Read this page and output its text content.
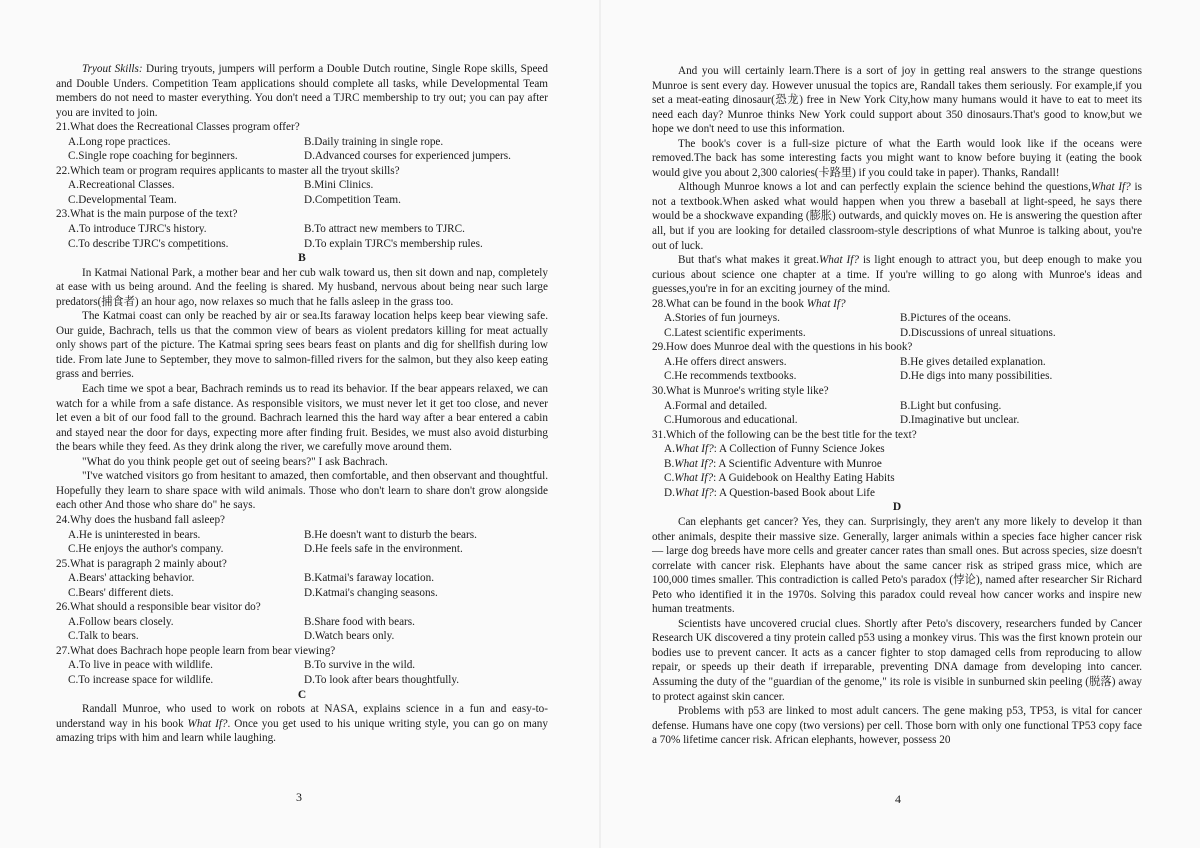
Tryout Skills: During tryouts, jumpers will perform a Double Dutch routine, Single Rope skills, Speed and Double Unders. Competition Team applications should complete all tasks, while Developmental Team members do not need to master everything. You don't need a TJRC membership to try out; you can pay after you are invited to join.

21.What does the Recreational Classes program offer?
A.Long rope practices.	B.Daily training in single rope.
C.Single rope coaching for beginners.	D.Advanced courses for experienced jumpers.
22.Which team or program requires applicants to master all the tryout skills?
A.Recreational Classes.	B.Mini Clinics.
C.Developmental Team.	D.Competition Team.
23.What is the main purpose of the text?
A.To introduce TJRC's history.	B.To attract new members to TJRC.
C.To describe TJRC's competitions.	D.To explain TJRC's membership rules.
B

In Katmai National Park, a mother bear and her cub walk toward us, then sit down and nap, completely at ease with us being around. And the feeling is shared. My husband, nervous about being near such large predators(捕食者) an hour ago, now relaxes so much that he falls asleep in the grass too.

The Katmai coast can only be reached by air or sea.Its faraway location helps keep bear viewing safe. Our guide, Bachrach, tells us that the common view of bears as violent predators killing for meat actually only shows part of the picture. The Katmai spring sees bears feast on plants and dig for shellfish during low tide. From late June to September, they move to salmon-filled rivers for the salmon, but they also keep eating grass and berries.

Each time we spot a bear, Bachrach reminds us to read its behavior. If the bear appears relaxed, we can watch for a while from a safe distance. As responsible visitors, we must never let it get too close, and never let even a bit of our food fall to the ground. Bachrach learned this the hard way after a bear entered a cabin and stayed near the door for days, expecting more after finding fruit. Besides, we must also avoid disturbing the bears while they feed. As they drink along the river, we carefully move around them.

"What do you think people get out of seeing bears?" I ask Bachrach.

"I've watched visitors go from hesitant to amazed, then comfortable, and then observant and thoughtful. Hopefully they learn to share space with wild animals. Those who don't learn to share don't grow alongside each other And those who share do" he says.

24.Why does the husband fall asleep?
A.He is uninterested in bears.	B.He doesn't want to disturb the bears.
C.He enjoys the author's company.	D.He feels safe in the environment.
25.What is paragraph 2 mainly about?
A.Bears' attacking behavior.	B.Katmai's faraway location.
C.Bears' different diets.	D.Katmai's changing seasons.
26.What should a responsible bear visitor do?
A.Follow bears closely.	B.Share food with bears.
C.Talk to bears.	D.Watch bears only.
27.What does Bachrach hope people learn from bear viewing?
A.To live in peace with wildlife.	B.To survive in the wild.
C.To increase space for wildlife.	D.To look after bears thoughtfully.
C

Randall Munroe, who used to work on robots at NASA, explains science in a fun and easy-to-understand way in his book What If?. Once you get used to his unique writing style, you can go on many amazing trips with him and learn while laughing.

3

And you will certainly learn.There is a sort of joy in getting real answers to the strange questions Munroe is sent every day. However unusual the topics are, Randall takes them seriously. For example,if you set a meat-eating dinosaur(恐龙) free in New York City,how many humans would it have to eat to meet its need each day? Munroe thinks New York could support about 350 dinosaurs.That's good to know,but we hope we don't need to use this information.

The book's cover is a full-size picture of what the Earth would look like if the oceans were removed.The back has some interesting facts you might want to know before buying it (eating the book would give you about 2,300 calories(卡路里) if you could take in paper). Thanks, Randall!

Although Munroe knows a lot and can perfectly explain the science behind the questions,What If? is not a textbook.When asked what would happen when you threw a baseball at light-speed, he says there would be a shockwave expanding (膨胀) outwards, and quickly moves on. He is answering the question after all, but if you are looking for detailed classroom-style descriptions of what Munroe is talking about, you're out of luck.

But that's what makes it great.What If? is light enough to attract you, but deep enough to make you curious about science one chapter at a time. If you're willing to go along with Munroe's ideas and guesses,you're in for an exciting journey of the mind.

28.What can be found in the book What If?
A.Stories of fun journeys.	B.Pictures of the oceans.
C.Latest scientific experiments.	D.Discussions of unreal situations.
29.How does Munroe deal with the questions in his book?
A.He offers direct answers.	B.He gives detailed explanation.
C.He recommends textbooks.	D.He digs into many possibilities.
30.What is Munroe's writing style like?
A.Formal and detailed.	B.Light but confusing.
C.Humorous and educational.	D.Imaginative but unclear.
31.Which of the following can be the best title for the text?
A.What If?: A Collection of Funny Science Jokes
B.What If?: A Scientific Adventure with Munroe
C.What If?: A Guidebook on Healthy Eating Habits
D.What If?: A Question-based Book about Life
D

Can elephants get cancer? Yes, they can. Surprisingly, they aren't any more likely to develop it than other animals, despite their massive size. Generally, larger animals within a species face higher cancer risk — large dog breeds have more cells and greater cancer rates than small ones. But across species, size doesn't correlate with cancer risk. Elephants have about the same cancer risk as striped grass mice, which are 100,000 times smaller. This contradiction is called Peto's paradox (悖论), named after researcher Sir Richard Peto who identified it in the 1970s. Solving this paradox could reveal how cancer works and inspire new human treatments.

Scientists have uncovered crucial clues. Shortly after Peto's discovery, researchers funded by Cancer Research UK discovered a tiny protein called p53 using a monkey virus. This was the first known protein our bodies use to prevent cancer. It acts as a cancer fighter to stop damaged cells from reproducing to allow repair, or speeds up their death if irreparable, preventing DNA damage from developing into cancer. Assuming the duty of the "guardian of the genome," its role is visible in sunburned skin peeling (脱落) away to protect against skin cancer.

Problems with p53 are linked to most adult cancers. The gene making p53, TP53, is vital for cancer defense. Humans have one copy (two versions) per cell. Those born with only one functional TP53 copy face a 70% lifetime cancer risk. African elephants, however, possess 20

4
